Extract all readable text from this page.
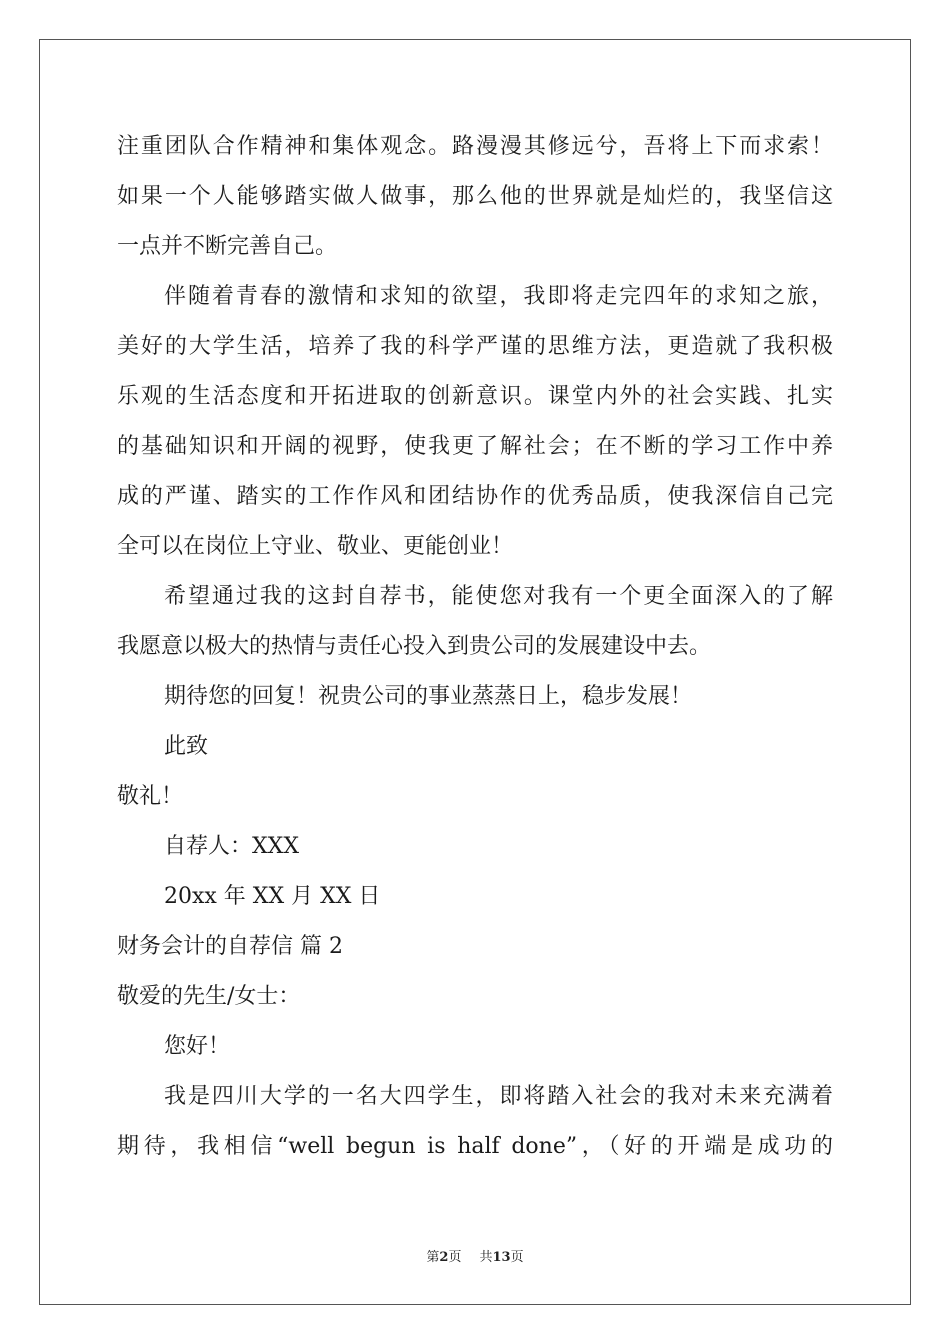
注重团队合作精神和集体观念。路漫漫其修远兮，吾将上下而求索！
如果一个人能够踏实做人做事，那么他的世界就是灿烂的，我坚信这
一点并不断完善自己。
伴随着青春的激情和求知的欲望，我即将走完四年的求知之旅，
美好的大学生活，培养了我的科学严谨的思维方法，更造就了我积极
乐观的生活态度和开拓进取的创新意识。课堂内外的社会实践、扎实
的基础知识和开阔的视野，使我更了解社会；在不断的学习工作中养
成的严谨、踏实的工作作风和团结协作的优秀品质，使我深信自己完
全可以在岗位上守业、敬业、更能创业！
希望通过我的这封自荐书，能使您对我有一个更全面深入的了解
我愿意以极大的热情与责任心投入到贵公司的发展建设中去。
期待您的回复！祝贵公司的事业蒸蒸日上，稳步发展！
此致
敬礼！
自荐人：XXX
20xx 年 XX 月 XX 日
财务会计的自荐信 篇 2
敬爱的先生/女士：
您好！
我是四川大学的一名大四学生，即将踏入社会的我对未来充满着
期待，我相信“well begun is half done”，（好的开端是成功的
第2页 共13页
